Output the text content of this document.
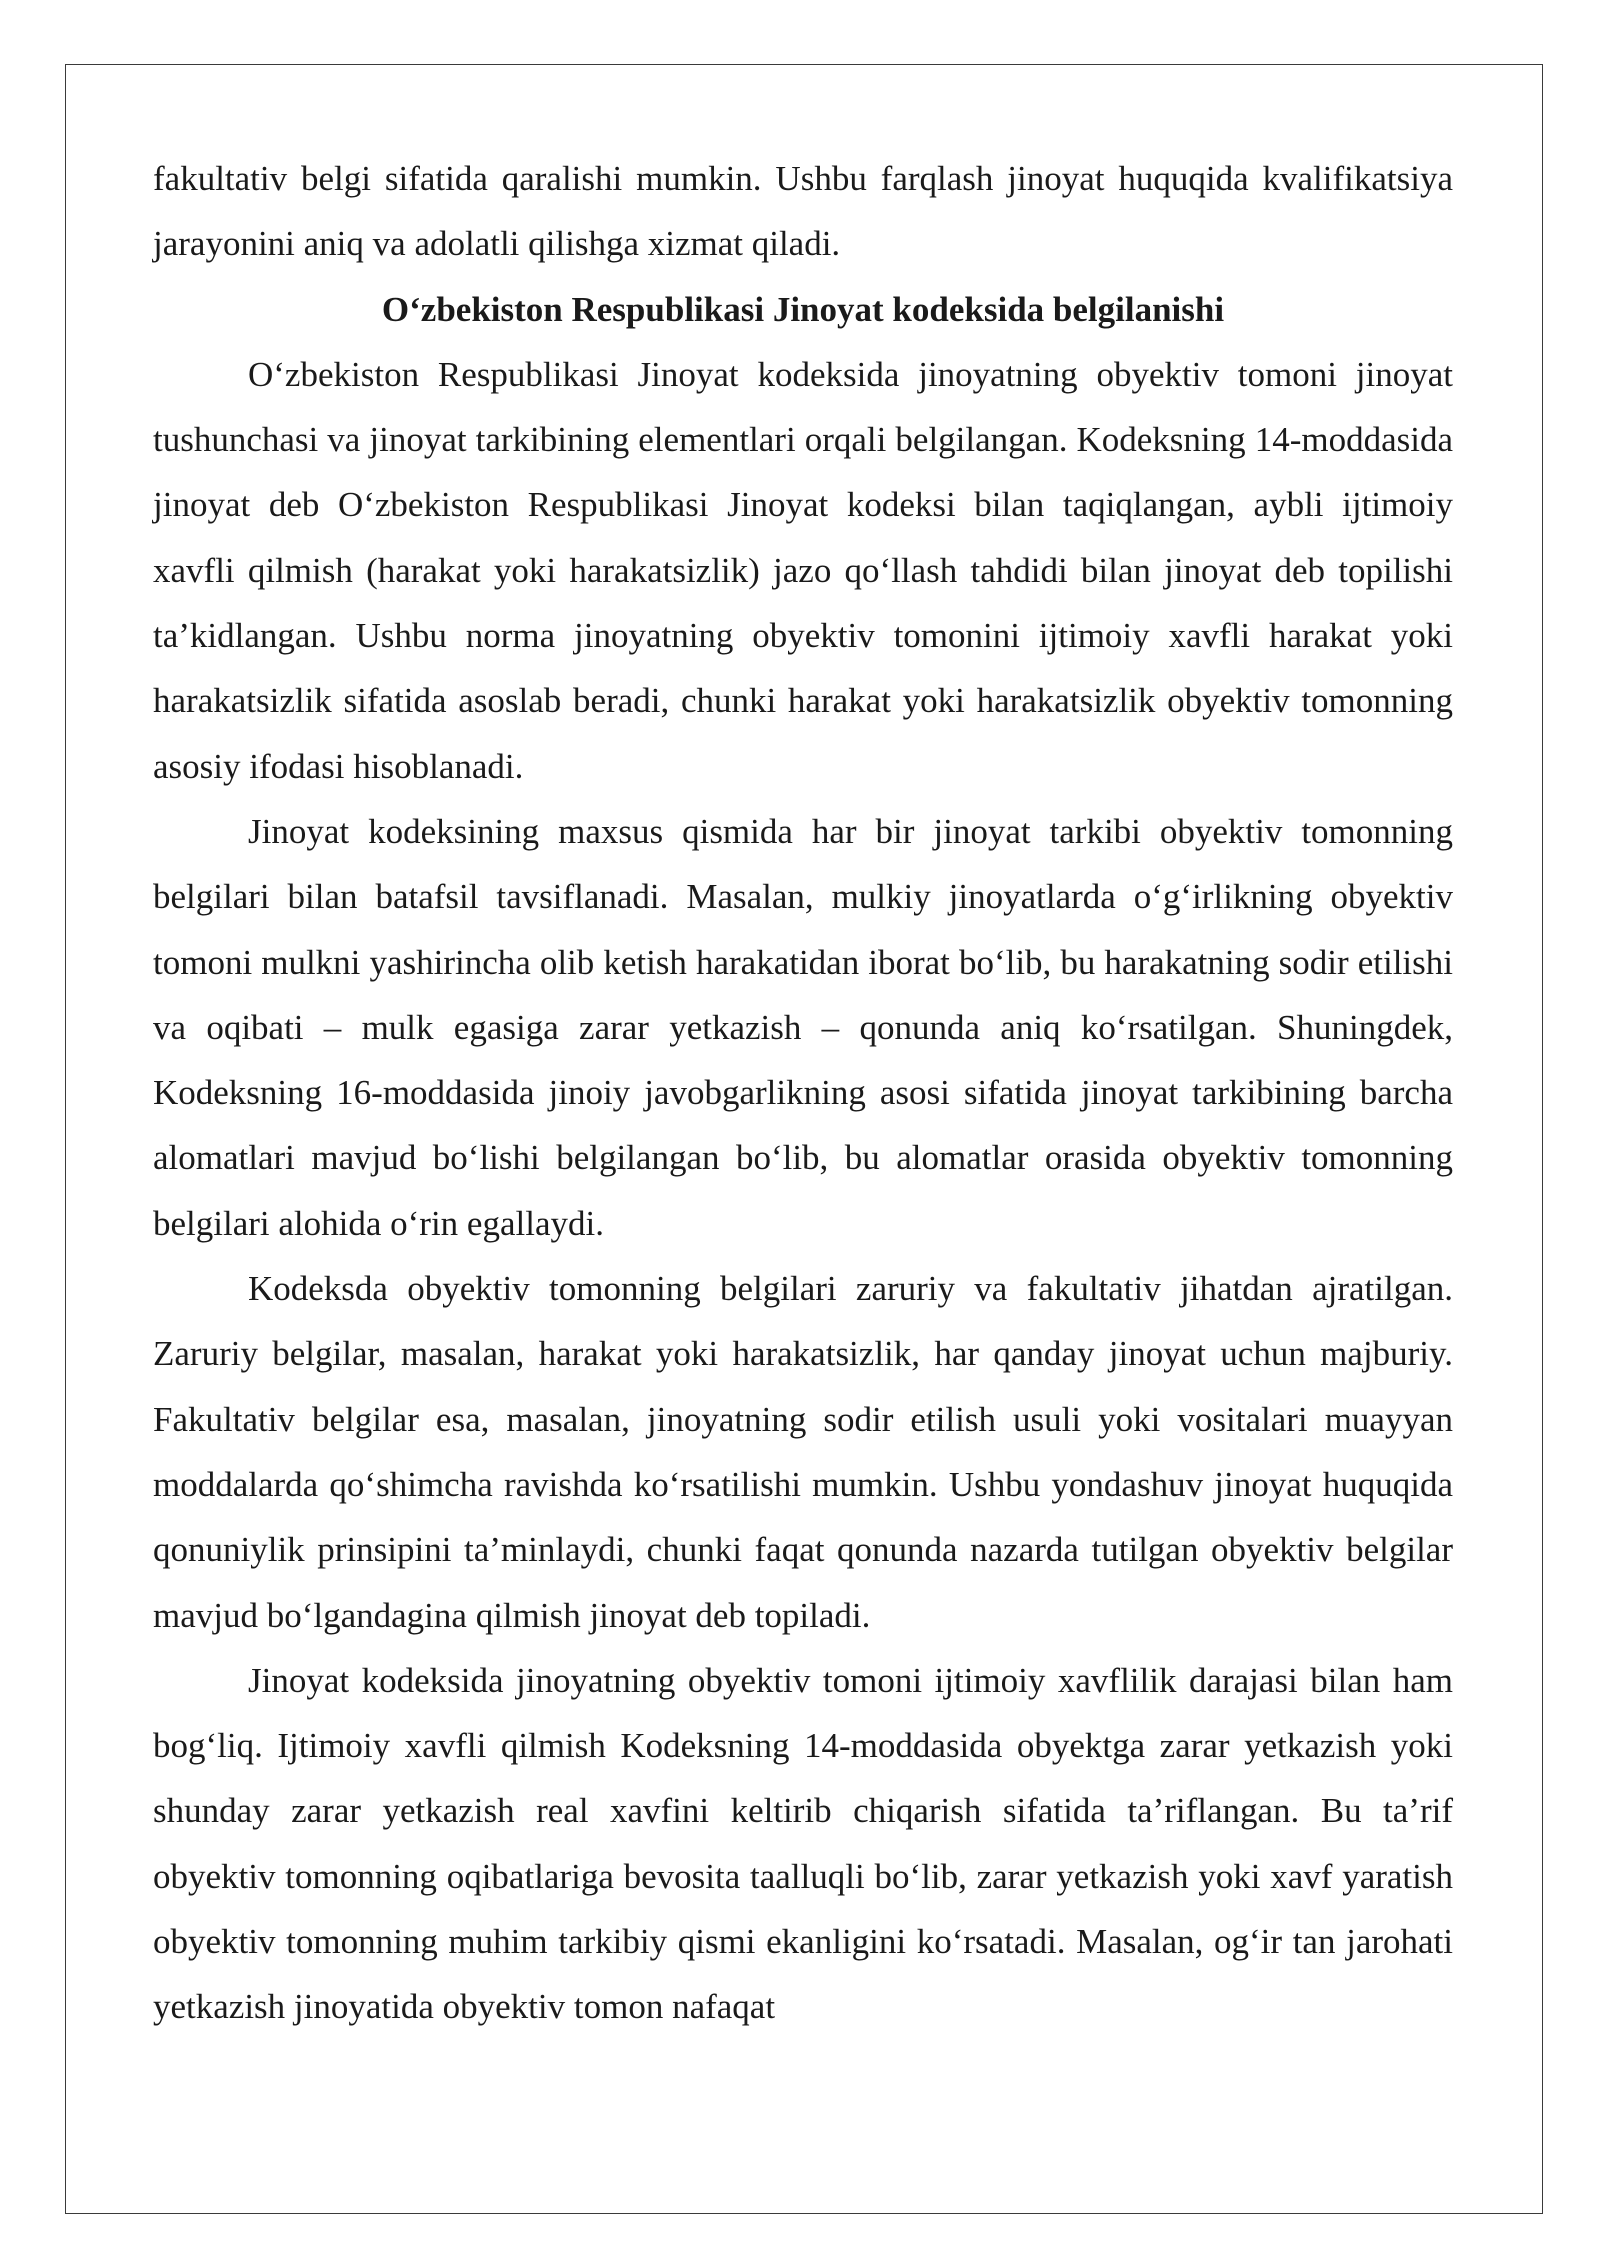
fakultativ belgi sifatida qaralishi mumkin. Ushbu farqlash jinoyat huquqida kvalifikatsiya jarayonini aniq va adolatli qilishga xizmat qiladi.

O‘zbekiston Respublikasi Jinoyat kodeksida belgilanishi

O‘zbekiston Respublikasi Jinoyat kodeksida jinoyatning obyektiv tomoni jinoyat tushunchasi va jinoyat tarkibining elementlari orqali belgilangan. Kodeksning 14-moddasida jinoyat deb O‘zbekiston Respublikasi Jinoyat kodeksi bilan taqiqlangan, aybli ijtimoiy xavfli qilmish (harakat yoki harakatsizlik) jazo qo‘llash tahdidi bilan jinoyat deb topilishi ta’kidlangan. Ushbu norma jinoyatning obyektiv tomonini ijtimoiy xavfli harakat yoki harakatsizlik sifatida asoslab beradi, chunki harakat yoki harakatsizlik obyektiv tomonning asosiy ifodasi hisoblanadi.

Jinoyat kodeksining maxsus qismida har bir jinoyat tarkibi obyektiv tomonning belgilari bilan batafsil tavsiflanadi. Masalan, mulkiy jinoyatlarda o‘g‘irlikning obyektiv tomoni mulkni yashirincha olib ketish harakatidan iborat bo‘lib, bu harakatning sodir etilishi va oqibati – mulk egasiga zarar yetkazish – qonunda aniq ko‘rsatilgan. Shuningdek, Kodeksning 16-moddasida jinoiy javobgarlikning asosi sifatida jinoyat tarkibining barcha alomatlari mavjud bo‘lishi belgilangan bo‘lib, bu alomatlar orasida obyektiv tomonning belgilari alohida o‘rin egallaydi.

Kodeksda obyektiv tomonning belgilari zaruriy va fakultativ jihatdan ajratilgan. Zaruriy belgilar, masalan, harakat yoki harakatsizlik, har qanday jinoyat uchun majburiy. Fakultativ belgilar esa, masalan, jinoyatning sodir etilish usuli yoki vositalari muayyan moddalarda qo‘shimcha ravishda ko‘rsatilishi mumkin. Ushbu yondashuv jinoyat huquqida qonuniylik prinsipini ta’minlaydi, chunki faqat qonunda nazarda tutilgan obyektiv belgilar mavjud bo‘lgandagina qilmish jinoyat deb topiladi.

Jinoyat kodeksida jinoyatning obyektiv tomoni ijtimoiy xavflilik darajasi bilan ham bog‘liq. Ijtimoiy xavfli qilmish Kodeksning 14-moddasida obyektga zarar yetkazish yoki shunday zarar yetkazish real xavfini keltirib chiqarish sifatida ta’riflangan. Bu ta’rif obyektiv tomonning oqibatlariga bevosita taalluqli bo‘lib, zarar yetkazish yoki xavf yaratish obyektiv tomonning muhim tarkibiy qismi ekanligini ko‘rsatadi. Masalan, og‘ir tan jarohati yetkazish jinoyatida obyektiv tomon nafaqat
